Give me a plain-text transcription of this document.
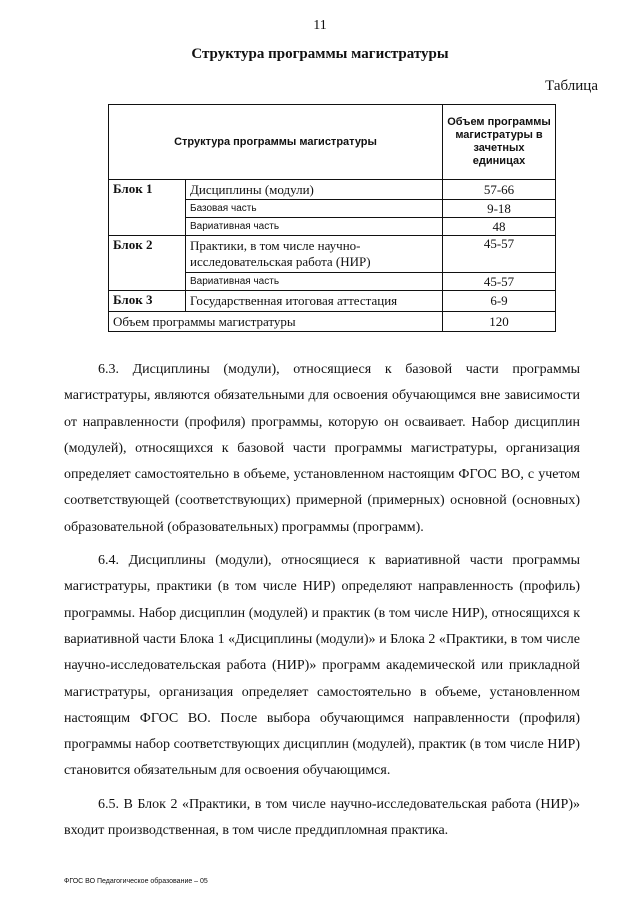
11
Структура программы магистратуры
Таблица
Структура программы магистратуры		Объем программы магистратуры в зачетных единицах
Блок 1	Дисциплины (модули)	57-66
	Базовая часть	9-18
	Вариативная часть	48
Блок 2	Практики, в том числе научно-исследовательская работа (НИР)	45-57
	Вариативная часть	45-57
Блок 3	Государственная итоговая аттестация	6-9
Объем программы магистратуры		120

6.3. Дисциплины (модули), относящиеся к базовой части программы магистратуры, являются обязательными для освоения обучающимся вне зависимости от направленности (профиля) программы, которую он осваивает. Набор дисциплин (модулей), относящихся к базовой части программы магистратуры, организация определяет самостоятельно в объеме, установленном настоящим ФГОС ВО, с учетом соответствующей (соответствующих) примерной (примерных) основной (основных) образовательной (образовательных) программы (программ).

6.4. Дисциплины (модули), относящиеся к вариативной части программы магистратуры, практики (в том числе НИР) определяют направленность (профиль) программы. Набор дисциплин (модулей) и практик (в том числе НИР), относящихся к вариативной части Блока 1 «Дисциплины (модули)» и Блока 2 «Практики, в том числе научно-исследовательская работа (НИР)» программ академической или прикладной магистратуры, организация определяет самостоятельно в объеме, установленном настоящим ФГОС ВО. После выбора обучающимся направленности (профиля) программы набор соответствующих дисциплин (модулей), практик (в том числе НИР) становится обязательным для освоения обучающимся.

6.5. В Блок 2 «Практики, в том числе научно-исследовательская работа (НИР)» входит производственная, в том числе преддипломная практика.

ФГОС ВО Педагогическое образование – 05
